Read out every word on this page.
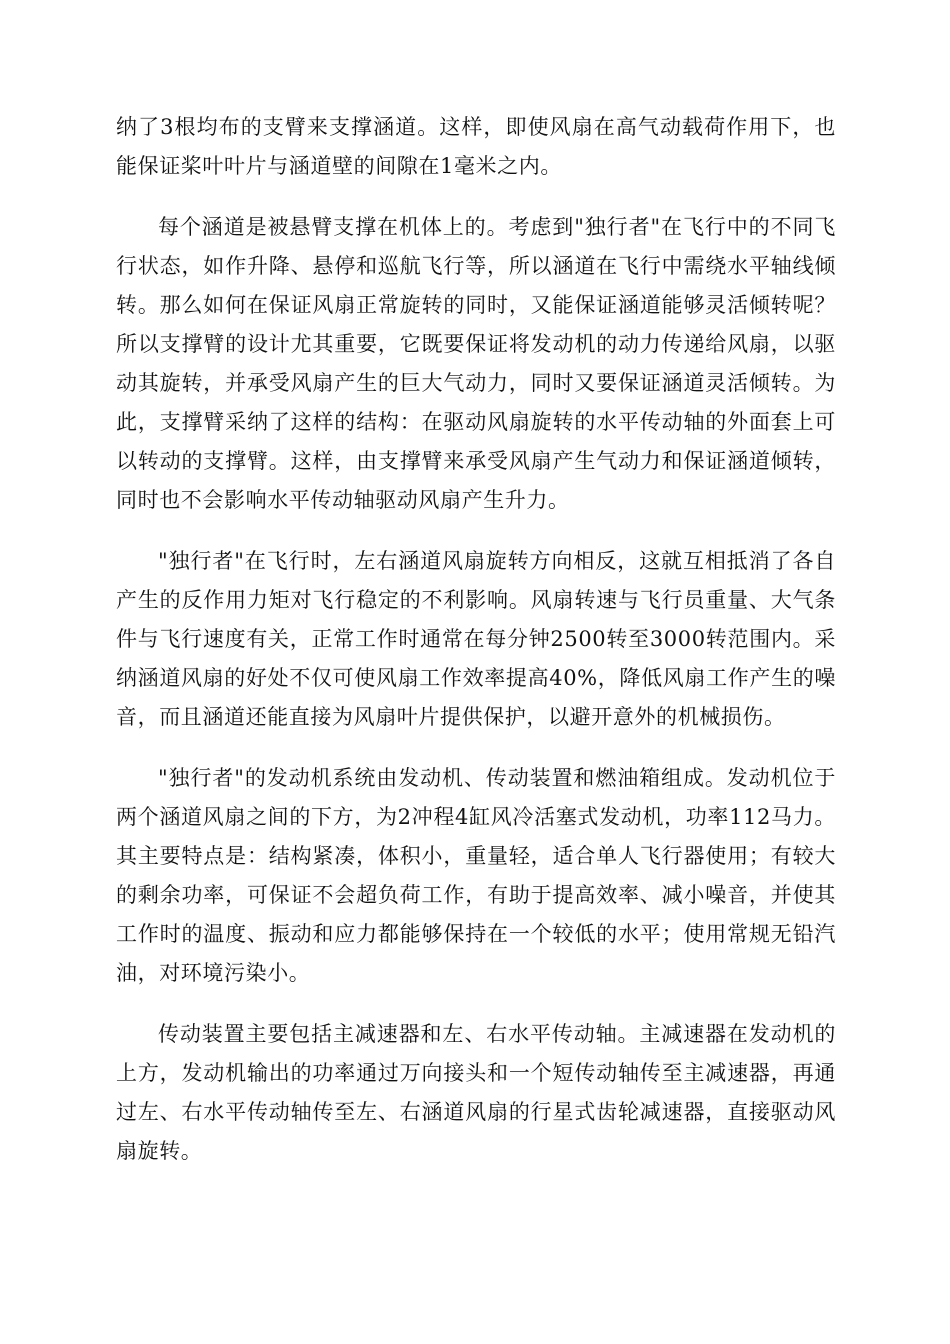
纳了3根均布的支臂来支撑涵道。这样，即使风扇在高气动载荷作用下，也能保证桨叶叶片与涵道壁的间隙在1毫米之内。

每个涵道是被悬臂支撑在机体上的。考虑到"独行者"在飞行中的不同飞行状态，如作升降、悬停和巡航飞行等，所以涵道在飞行中需绕水平轴线倾转。那么如何在保证风扇正常旋转的同时，又能保证涵道能够灵活倾转呢？所以支撑臂的设计尤其重要，它既要保证将发动机的动力传递给风扇，以驱动其旋转，并承受风扇产生的巨大气动力，同时又要保证涵道灵活倾转。为此，支撑臂采纳了这样的结构：在驱动风扇旋转的水平传动轴的外面套上可以转动的支撑臂。这样，由支撑臂来承受风扇产生气动力和保证涵道倾转，同时也不会影响水平传动轴驱动风扇产生升力。

"独行者"在飞行时，左右涵道风扇旋转方向相反，这就互相抵消了各自产生的反作用力矩对飞行稳定的不利影响。风扇转速与飞行员重量、大气条件与飞行速度有关，正常工作时通常在每分钟2500转至3000转范围内。采纳涵道风扇的好处不仅可使风扇工作效率提高40%，降低风扇工作产生的噪音，而且涵道还能直接为风扇叶片提供保护，以避开意外的机械损伤。

"独行者"的发动机系统由发动机、传动装置和燃油箱组成。发动机位于两个涵道风扇之间的下方，为2冲程4缸风冷活塞式发动机，功率112马力。其主要特点是：结构紧凑，体积小，重量轻，适合单人飞行器使用；有较大的剩余功率，可保证不会超负荷工作，有助于提高效率、减小噪音，并使其工作时的温度、振动和应力都能够保持在一个较低的水平；使用常规无铅汽油，对环境污染小。

传动装置主要包括主减速器和左、右水平传动轴。主减速器在发动机的上方，发动机输出的功率通过万向接头和一个短传动轴传至主减速器，再通过左、右水平传动轴传至左、右涵道风扇的行星式齿轮减速器，直接驱动风扇旋转。
